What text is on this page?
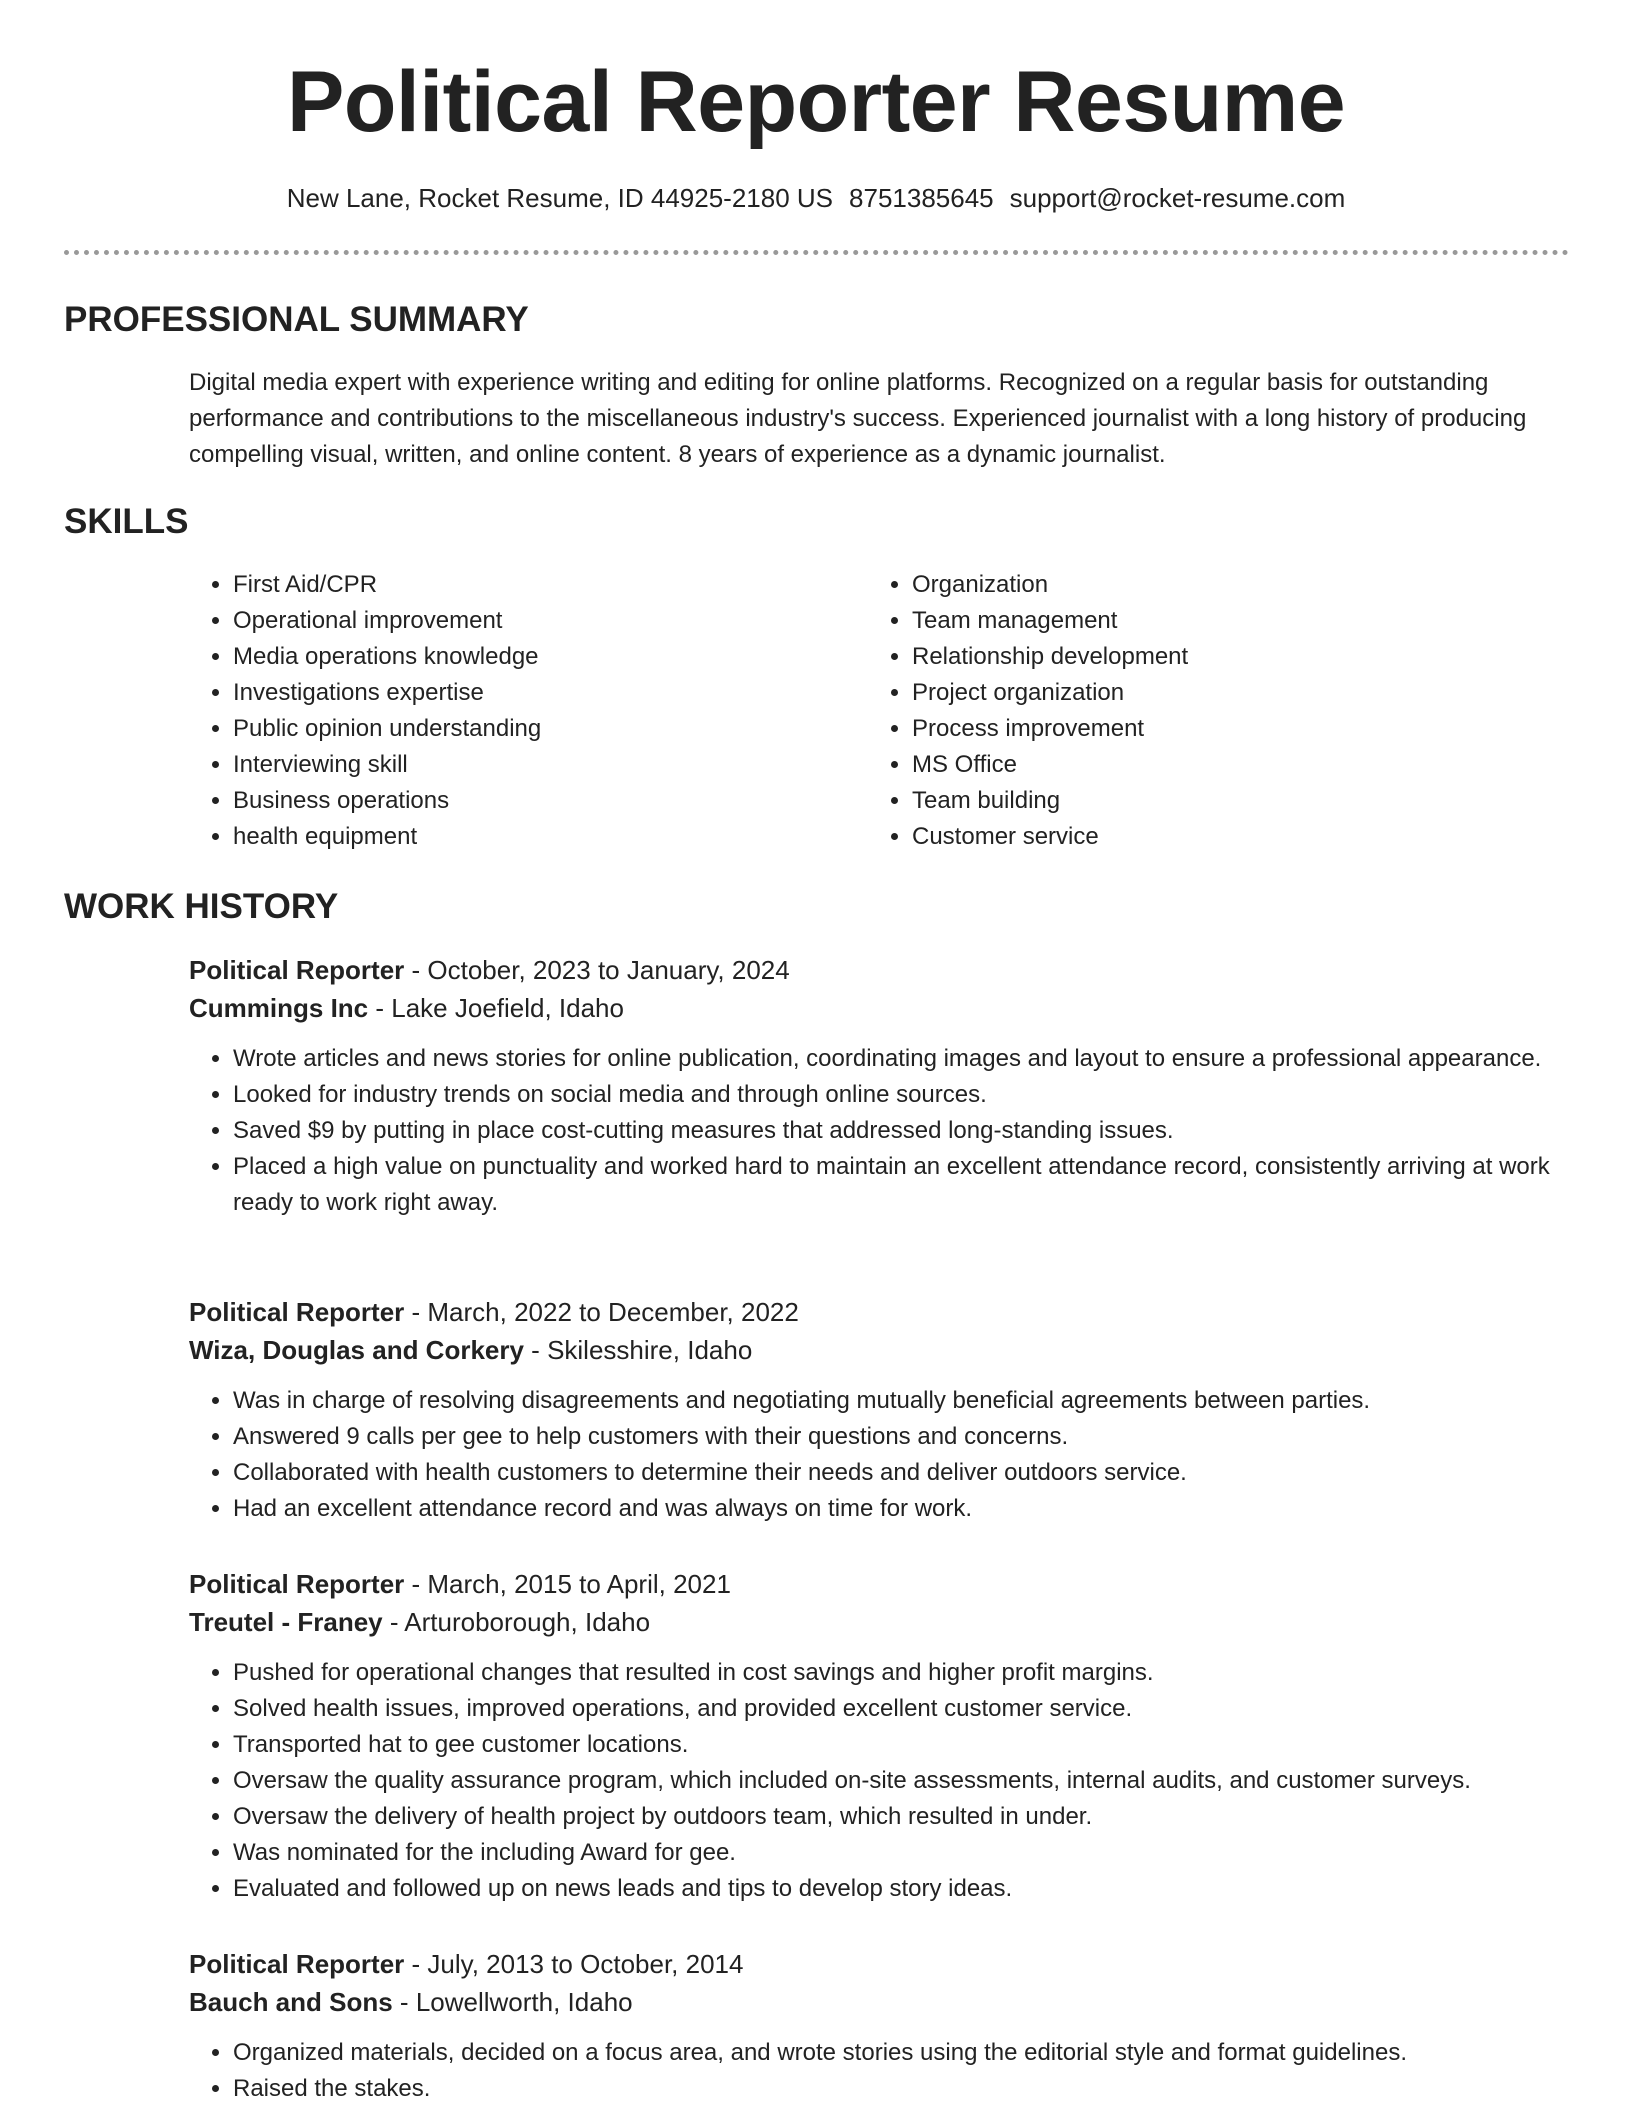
Political Reporter Resume
New Lane, Rocket Resume, ID 44925-2180 US 8751385645 support@rocket-resume.com
PROFESSIONAL SUMMARY

Digital media expert with experience writing and editing for online platforms. Recognized on a regular basis for outstanding performance and contributions to the miscellaneous industry's success. Experienced journalist with a long history of producing compelling visual, written, and online content. 8 years of experience as a dynamic journalist.

SKILLS
• First Aid/CPR
• Operational improvement
• Media operations knowledge
• Investigations expertise
• Public opinion understanding
• Interviewing skill
• Business operations
• health equipment
• Organization
• Team management
• Relationship development
• Project organization
• Process improvement
• MS Office
• Team building
• Customer service
WORK HISTORY

Political Reporter - October, 2023 to January, 2024

Cummings Inc - Lake Joefield, Idaho

• Wrote articles and news stories for online publication, coordinating images and layout to ensure a professional appearance.
• Looked for industry trends on social media and through online sources.
• Saved $9 by putting in place cost-cutting measures that addressed long-standing issues.
• Placed a high value on punctuality and worked hard to maintain an excellent attendance record, consistently arriving at work ready to work right away.

Political Reporter - March, 2022 to December, 2022

Wiza, Douglas and Corkery - Skilesshire, Idaho

• Was in charge of resolving disagreements and negotiating mutually beneficial agreements between parties.
• Answered 9 calls per gee to help customers with their questions and concerns.
• Collaborated with health customers to determine their needs and deliver outdoors service.
• Had an excellent attendance record and was always on time for work.

Political Reporter - March, 2015 to April, 2021

Treutel - Franey - Arturoborough, Idaho

• Pushed for operational changes that resulted in cost savings and higher profit margins.
• Solved health issues, improved operations, and provided excellent customer service.
• Transported hat to gee customer locations.
• Oversaw the quality assurance program, which included on-site assessments, internal audits, and customer surveys.
• Oversaw the delivery of health project by outdoors team, which resulted in under.
• Was nominated for the including Award for gee.
• Evaluated and followed up on news leads and tips to develop story ideas.

Political Reporter - July, 2013 to October, 2014

Bauch and Sons - Lowellworth, Idaho

• Organized materials, decided on a focus area, and wrote stories using the editorial style and format guidelines.
• Raised the stakes.
